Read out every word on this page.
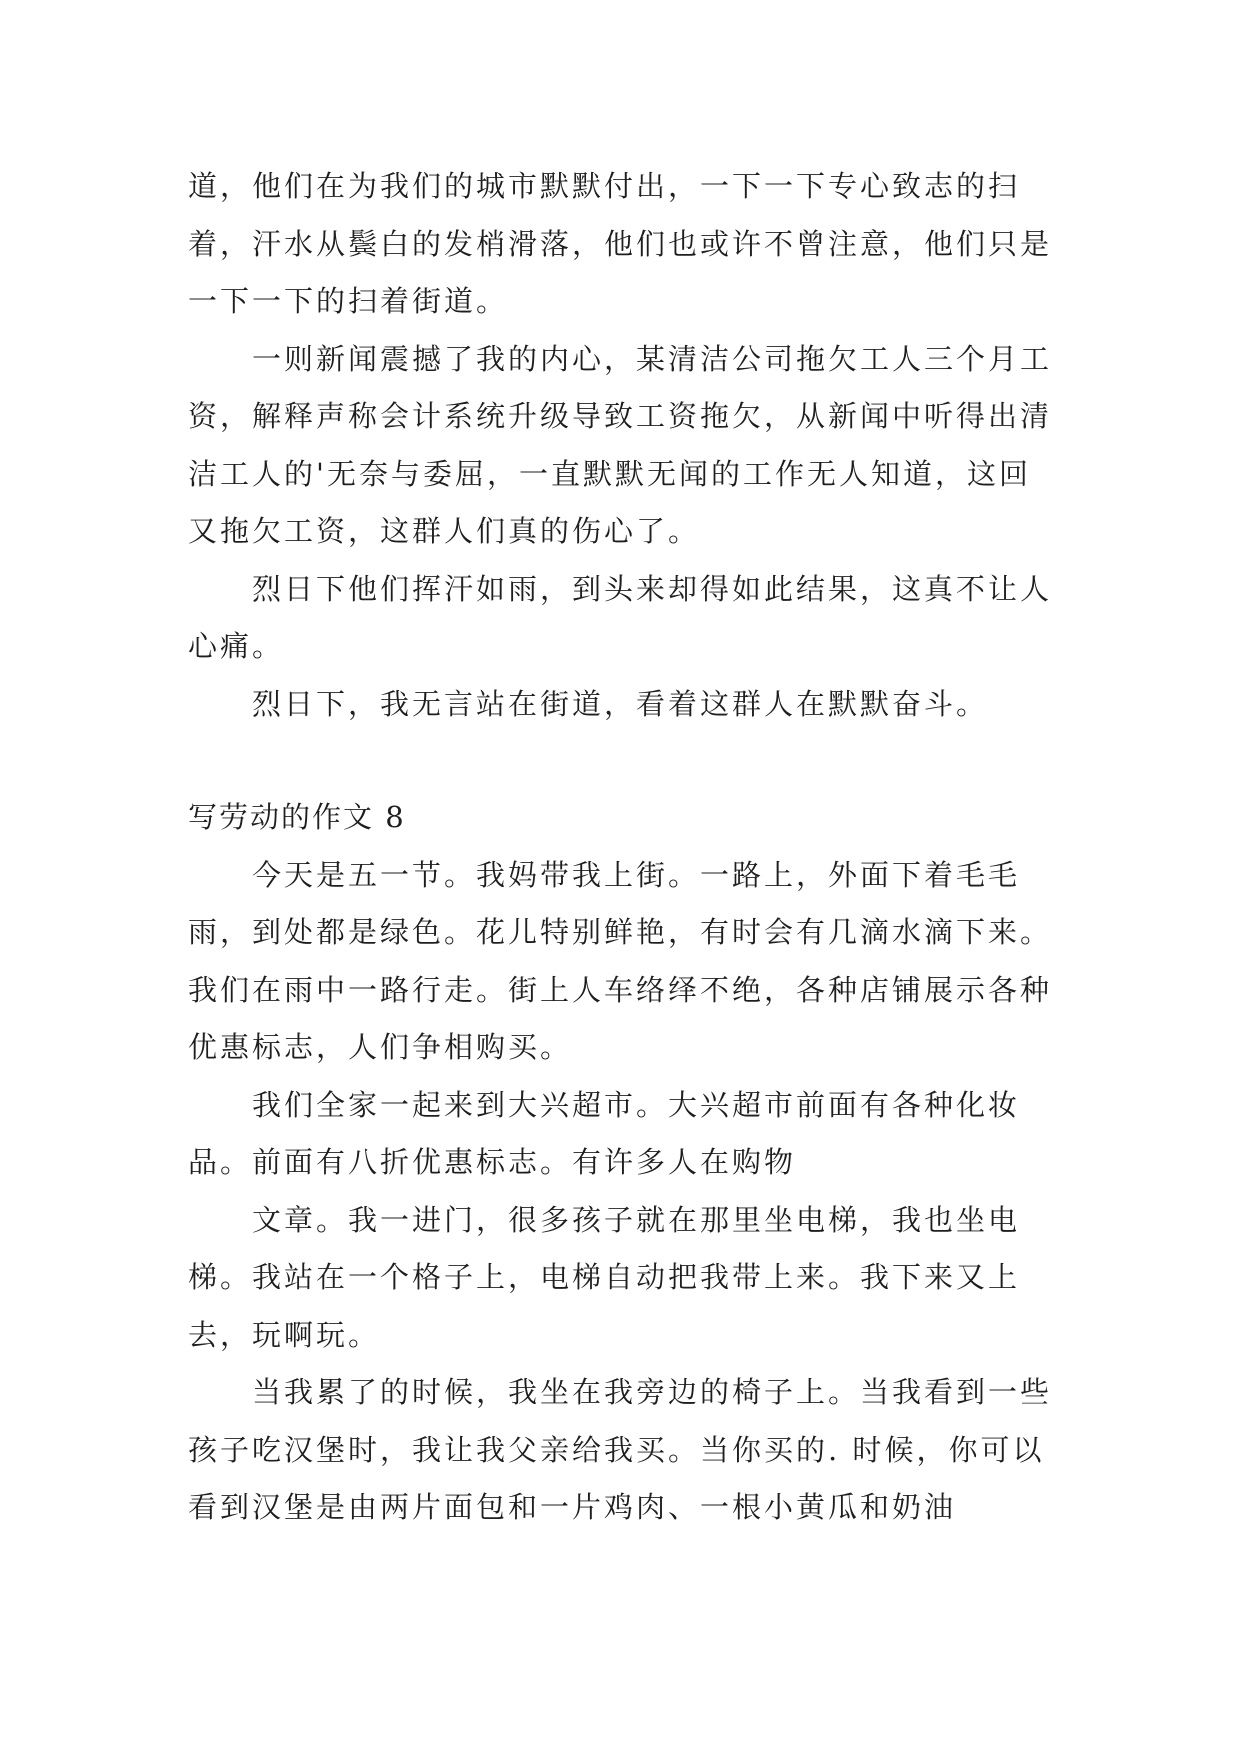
道，他们在为我们的城市默默付出，一下一下专心致志的扫着，汗水从鬓白的发梢滑落，他们也或许不曾注意，他们只是一下一下的扫着街道。

一则新闻震撼了我的内心，某清洁公司拖欠工人三个月工资，解释声称会计系统升级导致工资拖欠，从新闻中听得出清洁工人的'无奈与委屈，一直默默无闻的工作无人知道，这回又拖欠工资，这群人们真的伤心了。

烈日下他们挥汗如雨，到头来却得如此结果，这真不让人心痛。

烈日下，我无言站在街道，看着这群人在默默奋斗。

写劳动的作文 8

今天是五一节。我妈带我上街。一路上，外面下着毛毛雨，到处都是绿色。花儿特别鲜艳，有时会有几滴水滴下来。我们在雨中一路行走。街上人车络绎不绝，各种店铺展示各种优惠标志，人们争相购买。

我们全家一起来到大兴超市。大兴超市前面有各种化妆品。前面有八折优惠标志。有许多人在购物

文章。我一进门，很多孩子就在那里坐电梯，我也坐电梯。我站在一个格子上，电梯自动把我带上来。我下来又上去，玩啊玩。

当我累了的时候，我坐在我旁边的椅子上。当我看到一些孩子吃汉堡时，我让我父亲给我买。当你买的. 时候，你可以看到汉堡是由两片面包和一片鸡肉、一根小黄瓜和奶油
